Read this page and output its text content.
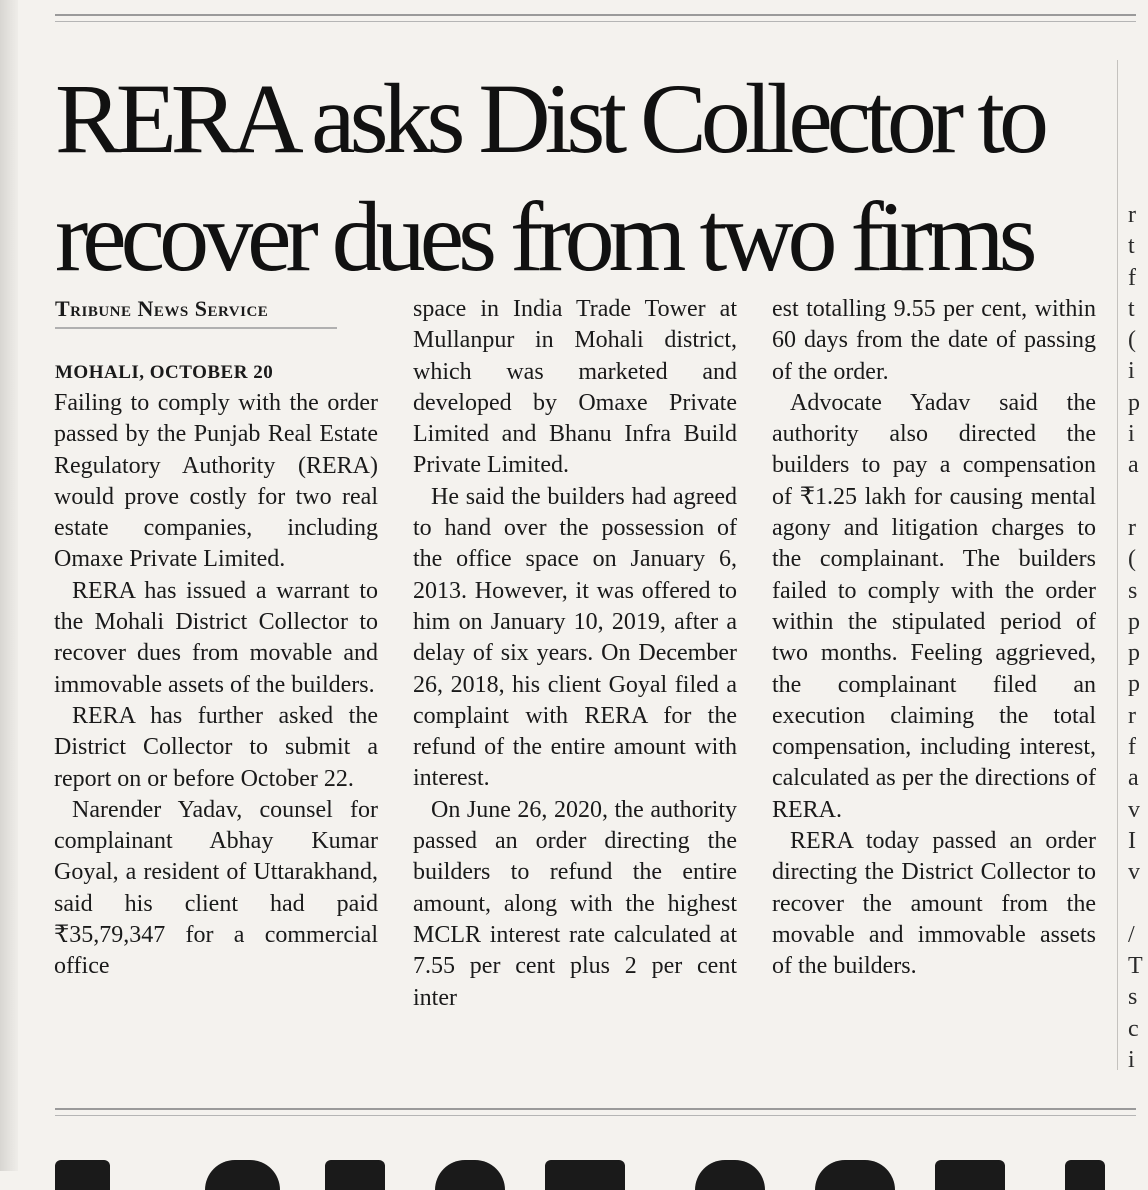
RERA asks Dist Collector to recover dues from two firms
Tribune News Service
MOHALI, OCTOBER 20

Failing to comply with the order passed by the Punjab Real Estate Regulatory Authority (RERA) would prove costly for two real estate companies, including Omaxe Private Limited.

RERA has issued a warrant to the Mohali District Collector to recover dues from movable and immovable assets of the builders.

RERA has further asked the District Collector to submit a report on or before October 22.

Narender Yadav, counsel for complainant Abhay Kumar Goyal, a resident of Uttarakhand, said his client had paid ₹35,79,347 for a commercial office

space in India Trade Tower at Mullanpur in Mohali district, which was marketed and developed by Omaxe Private Limited and Bhanu Infra Build Private Limited.

He said the builders had agreed to hand over the possession of the office space on January 6, 2013. However, it was offered to him on January 10, 2019, after a delay of six years. On December 26, 2018, his client Goyal filed a complaint with RERA for the refund of the entire amount with interest.

On June 26, 2020, the authority passed an order directing the builders to refund the entire amount, along with the highest MCLR interest rate calculated at 7.55 per cent plus 2 per cent inter

est totalling 9.55 per cent, within 60 days from the date of passing of the order.

Advocate Yadav said the authority also directed the builders to pay a compensation of ₹1.25 lakh for causing mental agony and litigation charges to the complainant. The builders failed to comply with the order within the stipulated period of two months. Feeling aggrieved, the complainant filed an execution claiming the total compensation, including interest, calculated as per the directions of RERA.

RERA today passed an order directing the District Collector to recover the amount from the movable and immovable assets of the builders.

r
t
f
t
(
i
p
i
a

r
(
s
p
p
p
r
f
a
v
I
v

/
T
s
c
i
